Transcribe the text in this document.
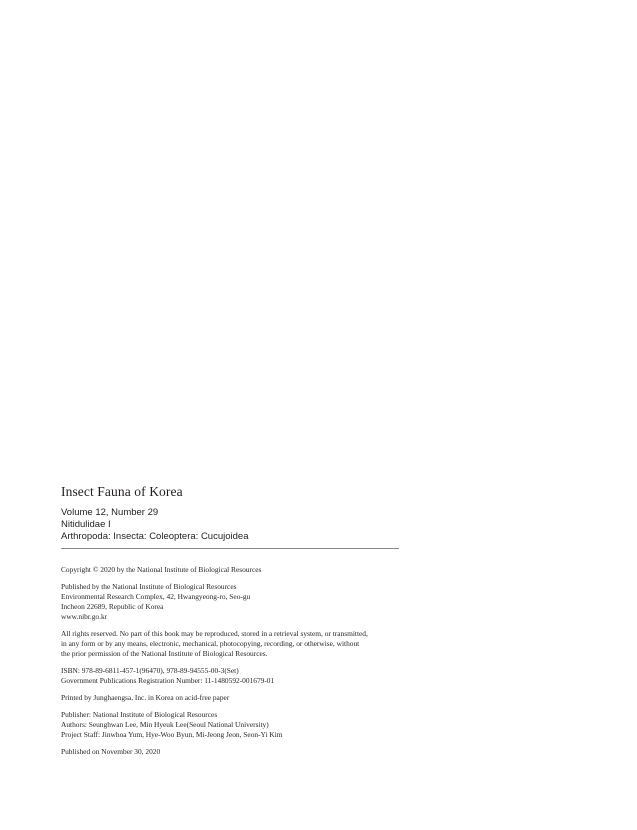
Insect Fauna of Korea
Volume 12, Number 29
Nitidulidae I
Arthropoda: Insecta: Coleoptera: Cucujoidea
Copyright © 2020 by the National Institute of Biological Resources
Published by the National Institute of Biological Resources
Environmental Research Complex, 42, Hwangyeong-ro, Seo-gu
Incheon 22689, Republic of Korea
www.nibr.go.kr
All rights reserved. No part of this book may be reproduced, stored in a retrieval system, or transmitted,
in any form or by any means, electronic, mechanical, photocopying, recording, or otherwise, without
the prior permission of the National Institute of Biological Resources.
ISBN: 978-89-6811-457-1(96470), 978-89-94555-00-3(Set)
Government Publications Registration Number: 11-1480592-001679-01
Printed by Junghaengsa, Inc. in Korea on acid-free paper
Publisher: National Institute of Biological Resources
Authors: Seunghwan Lee, Min Hyeuk Lee(Seoul National University)
Project Staff: Jinwhoa Yum, Hye-Woo Byun, Mi-Jeong Jeon, Seon-Yi Kim
Published on November 30, 2020
